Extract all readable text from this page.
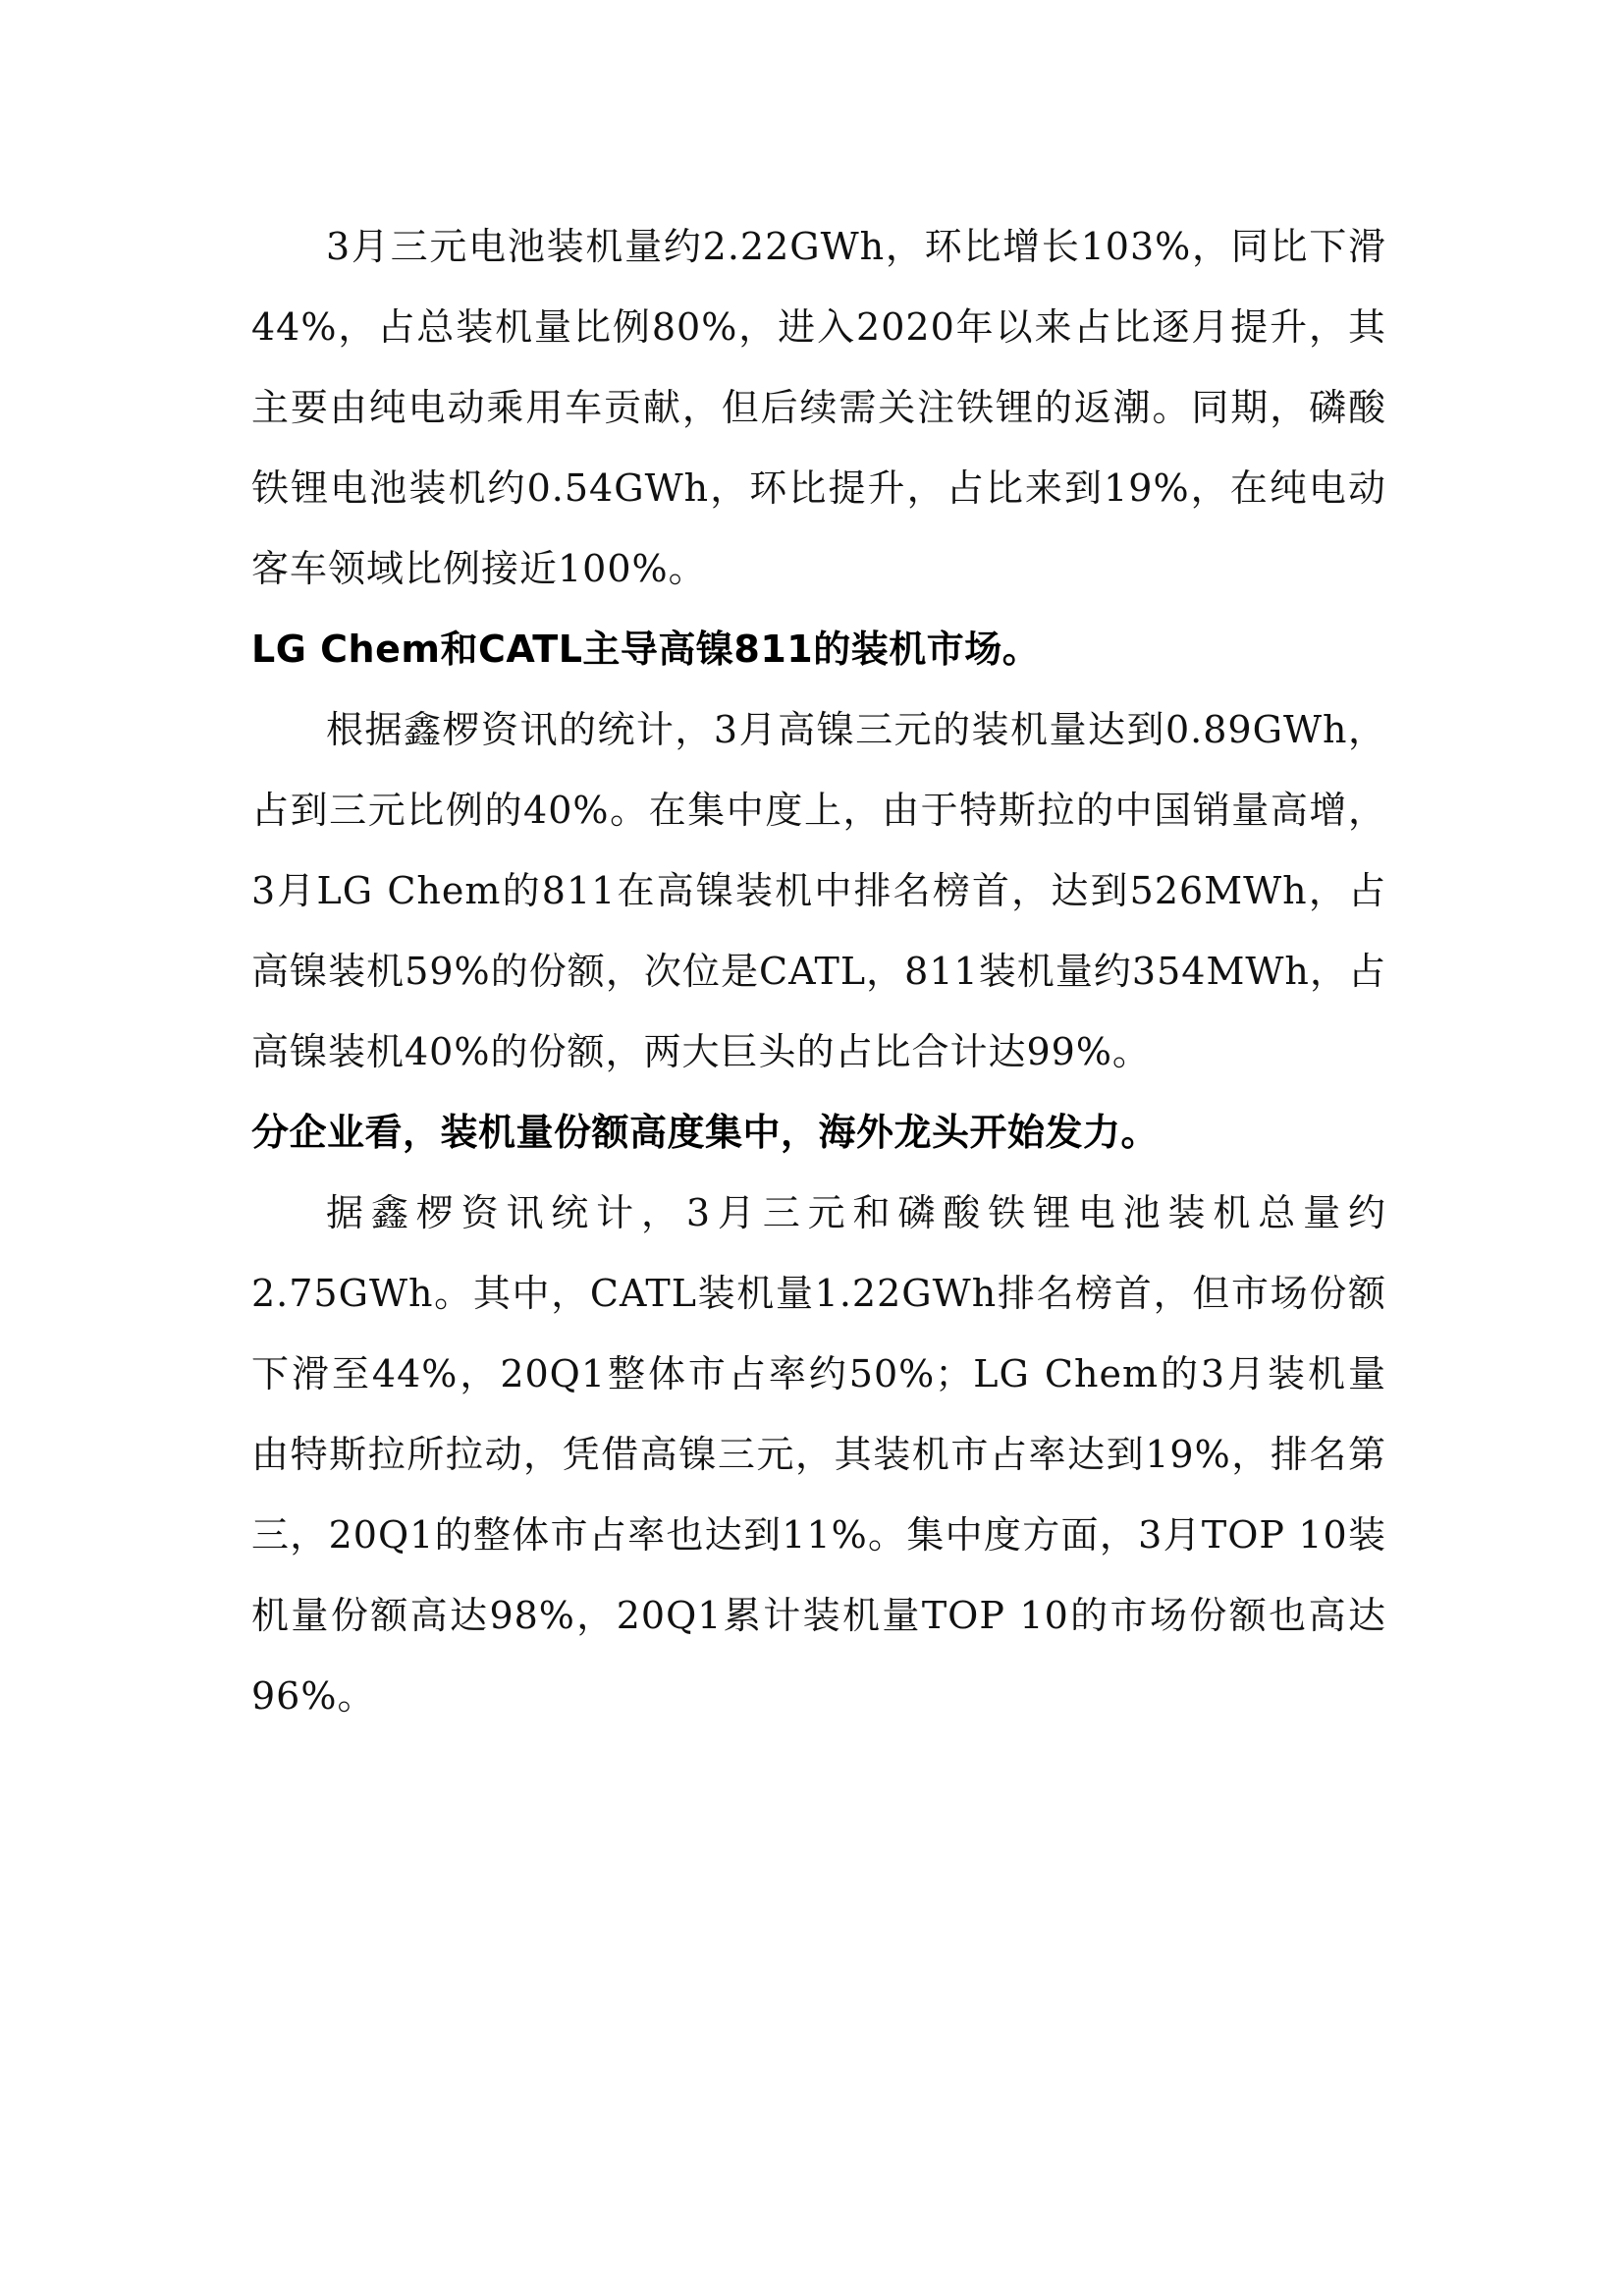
3月三元电池装机量约2.22GWh，环比增长103%，同比下滑44%，占总装机量比例80%，进入2020年以来占比逐月提升，其主要由纯电动乘用车贡献，但后续需关注铁锂的返潮。同期，磷酸铁锂电池装机约0.54GWh，环比提升，占比来到19%，在纯电动客车领域比例接近100%。

LG Chem和CATL主导高镍811的装机市场。

根据鑫椤资讯的统计，3月高镍三元的装机量达到0.89GWh，占到三元比例的40%。在集中度上，由于特斯拉的中国销量高增，3月LG Chem的811在高镍装机中排名榜首，达到526MWh，占高镍装机59%的份额，次位是CATL，811装机量约354MWh，占高镍装机40%的份额，两大巨头的占比合计达99%。

分企业看，装机量份额高度集中，海外龙头开始发力。

据鑫椤资讯统计，3月三元和磷酸铁锂电池装机总量约2.75GWh。其中，CATL装机量1.22GWh排名榜首，但市场份额下滑至44%，20Q1整体市占率约50%；LG Chem的3月装机量由特斯拉所拉动，凭借高镍三元，其装机市占率达到19%，排名第三，20Q1的整体市占率也达到11%。集中度方面，3月TOP 10装机量份额高达98%，20Q1累计装机量TOP 10的市场份额也高达96%。
